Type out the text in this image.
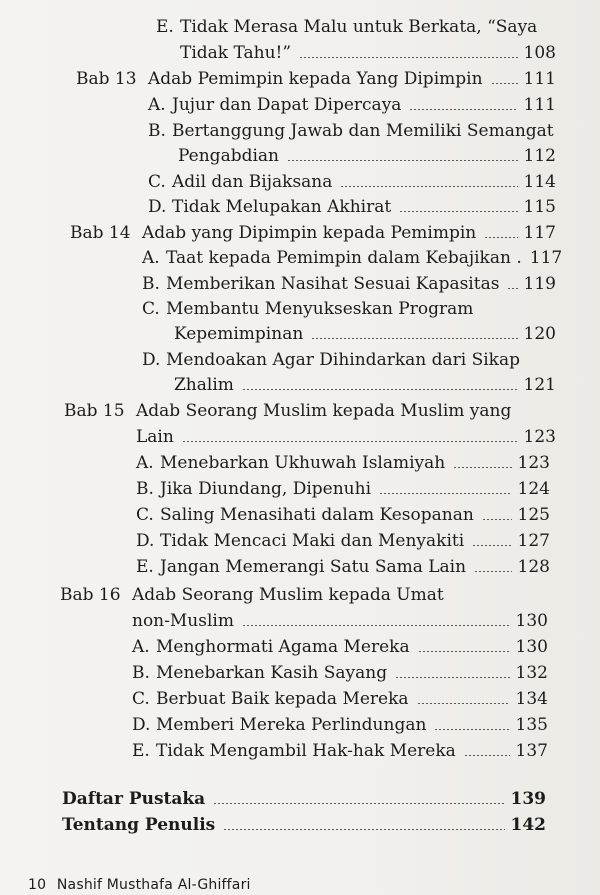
E. Tidak Merasa Malu untuk Berkata, “Saya
Tidak Tahu!”	108
Bab 13 Adab Pemimpin kepada Yang Dipimpin 111
A. Jujur dan Dapat Dipercaya	111
B. Bertanggung Jawab dan Memiliki Semangat
Pengabdian	112
C. Adil dan Bijaksana	114
D. Tidak Melupakan Akhirat	115
Bab 14 Adab yang Dipimpin kepada Pemimpin	117
A. Taat kepada Pemimpin dalam Kebajikan . 117
B. Memberikan Nasihat Sesuai Kapasitas 119
C. Membantu Menyukseskan Program
Kepemimpinan	120
D. Mendoakan Agar Dihindarkan dari Sikap
Zhalim	121
Bab 15 Adab Seorang Muslim kepada Muslim yang
Lain	123
A. Menebarkan Ukhuwah Islamiyah	123
B. Jika Diundang, Dipenuhi	124
C. Saling Menasihati dalam Kesopanan	125
D. Tidak Mencaci Maki dan Menyakiti	127
E. Jangan Memerangi Satu Sama Lain	128
Bab 16 Adab Seorang Muslim kepada Umat
non-Muslim	130
A. Menghormati Agama Mereka	130
B. Menebarkan Kasih Sayang	132
C. Berbuat Baik kepada Mereka	134
D. Memberi Mereka Perlindungan	135
E. Tidak Mengambil Hak-hak Mereka	137
Daftar Pustaka	139
Tentang Penulis	142
10 Nashif Musthafa Al-Ghiffari
